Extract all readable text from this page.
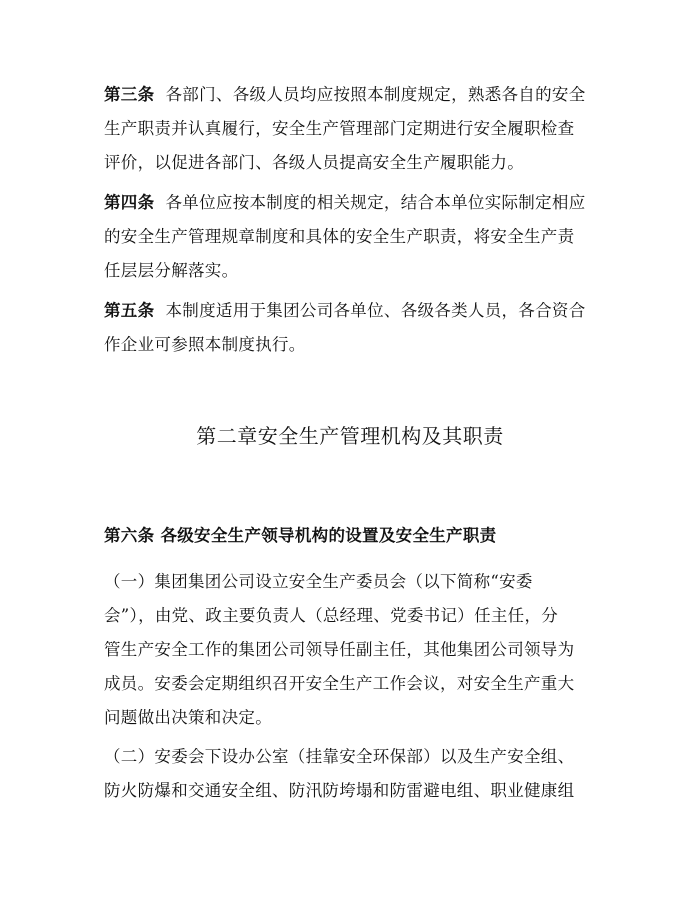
第三条 各部门、各级人员均应按照本制度规定，熟悉各自的安全
生产职责并认真履行，安全生产管理部门定期进行安全履职检查
评价，以促进各部门、各级人员提高安全生产履职能力。
第四条 各单位应按本制度的相关规定，结合本单位实际制定相应
的安全生产管理规章制度和具体的安全生产职责，将安全生产责
任层层分解落实。
第五条 本制度适用于集团公司各单位、各级各类人员，各合资合
作企业可参照本制度执行。
第二章安全生产管理机构及其职责
第六条 各级安全生产领导机构的设置及安全生产职责
（一）集团集团公司设立安全生产委员会（以下简称“安委
会”），由党、政主要负责人（总经理、党委书记）任主任，分
管生产安全工作的集团公司领导任副主任，其他集团公司领导为
成员。安委会定期组织召开安全生产工作会议，对安全生产重大
问题做出决策和决定。
（二）安委会下设办公室（挂靠安全环保部）以及生产安全组、
防火防爆和交通安全组、防汛防垮塌和防雷避电组、职业健康组
